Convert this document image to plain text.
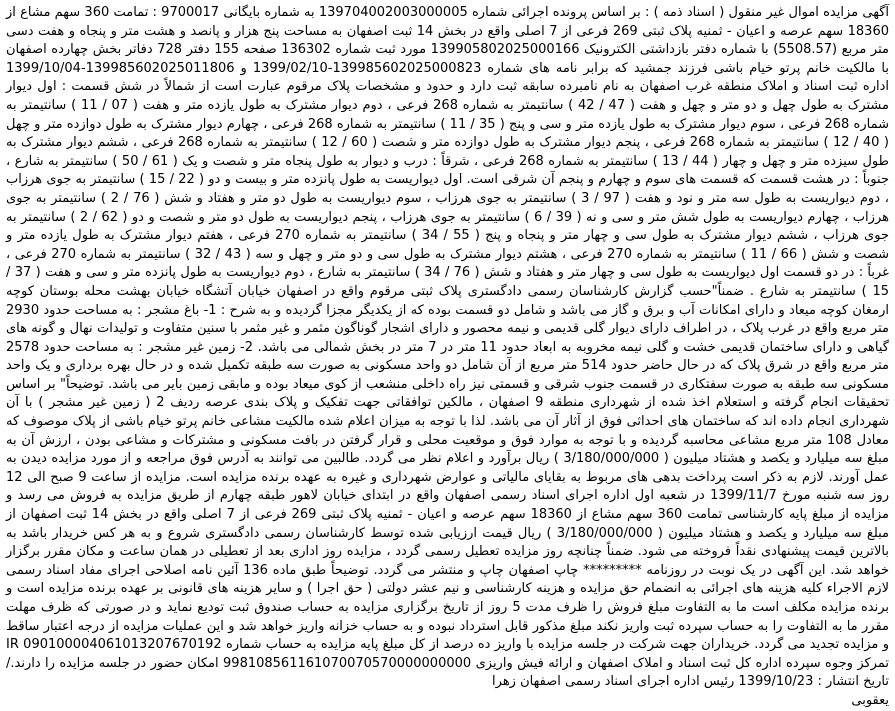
آگهی مزایده اموال غیر منقول ( اسناد ذمه ) : بر اساس پرونده اجرائی شماره 139704002003000005 به شماره بایگانی 9700017 : تمامت 360 سهم مشاع از 18360 سهم عرصه و اعیان - ثمنیه پلاک ثبتی 269 فرعی از 7 اصلی واقع در بخش 14 ثبت اصفهان به مساحت پنج هزار و پانصد و هشت متر و پنجاه و هفت دسی متر مربع (5508.57) با شماره دفتر بازداشتی الکترونیک 139905802025000166 مورد ثبت شماره 136302 صفحه 155 دفتر 728 دفاتر بخش چهارده اصفهان با مالکیت خانم پرتو خیام باشی فرزند جمشید که برابر نامه های شماره 139985602025000823-1399/02/10 و 139985602025011806-1399/10/04 اداره ثبت اسناد و املاک منطقه غرب اصفهان به نام نامبرده سابقه ثبت دارد و حدود و مشخصات پلاک مرقوم عبارت است از شمالاً در شش قسمت : اول دیوار مشترک به طول چهل و دو متر و چهل و هفت ( 47 / 42 ) سانتیمتر به شماره 268 فرعی ، دوم دیوار مشترک به طول یازده متر و هفت ( 07 / 11 ) سانتیمتر به شماره 268 فرعی ، سوم دیوار مشترک به طول یازده متر و سی و پنج ( 35 / 11 ) سانتیمتر به شماره 268 فرعی ، چهارم دیوار مشترک به طول دوازده متر و چهل ( 40 / 12 ) سانتیمتر به شماره 268 فرعی ، پنجم دیوار مشترک به طول دوازده متر و شصت ( 60 / 12 ) سانتیمتر به شماره 268 فرعی ، ششم دیوار مشترک به طول سیزده متر و چهل و چهار ( 44 / 13 ) سانتیمتر به شماره 268 فرعی ، شرقاً : درب و دیوار به طول پنجاه متر و شصت و یک ( 61 / 50 ) سانتیمتر به شارع ، جنوباً : در هشت قسمت که قسمت های سوم و چهارم و پنجم آن شرقی است. اول دیواریست به طول پانزده متر و بیست و دو ( 22 / 15 ) سانتیمتر به جوی هرزاب ، دوم دیواریست به طول سه متر و نود و هفت ( 97 / 3 ) سانتیمتر به جوی هرزاب ، سوم دیواریست به طول دو متر و هفتاد و شش ( 76 / 2 ) سانتیمتر به جوی هرزاب ، چهارم دیواریست به طول شش متر و سی و نه ( 39 / 6 ) سانتیمتر به جوی هرزاب ، پنجم دیواریست به طول دو متر و شصت و دو ( 62 / 2 ) سانتیمتر به جوی هرزاب ، ششم دیوار مشترک به طول سی و چهار متر و پنجاه و پنج ( 55 / 34 ) سانتیمتر به شماره 270 فرعی ، هفتم دیوار مشترک به طول یازده متر و شصت و شش ( 66 / 11 ) سانتیمتر به شماره 270 فرعی ، هشتم دیوار مشترک به طول سی و دو متر و چهل و سه ( 43 / 32 ) سانتیمتر به شماره 270 فرعی ، غرباً : در دو قسمت اول دیواریست به طول سی و چهار متر و هفتاد و شش ( 76 / 34 ) سانتیمتر به شارع ، دوم دیواریست به طول پانزده متر و سی و هفت ( 37 / 15 ) سانتیمتر به شارع . ضمناً"حسب گزارش کارشناسان رسمی دادگستری پلاک ثبتی مرقوم واقع در اصفهان خیابان آتشگاه خیابان بهشت محله بوستان کوچه ارمغان کوچه میعاد و دارای امکانات آب و برق و گاز می باشد و شامل دو قسمت بوده که از یکدیگر مجزا گردیده و به شرح : 1- باغ مشجر : به مساحت حدود 2930 متر مربع واقع در غرب پلاک ، در اطراف دارای دیوار گلی قدیمی و نیمه محصور و دارای اشجار گوناگون مثمر و غیر مثمر با سنین متفاوت و تولیدات نهال و گونه های گیاهی و دارای ساختمان قدیمی خشت و گلی نیمه مخروبه به ابعاد حدود 11 متر در 7 متر در بخش شمالی می باشد. 2- زمین غیر مشجر : به مساحت حدود 2578 متر مربع واقع در شرق پلاک که در حال حاضر حدود 514 متر مربع از آن شامل دو واحد مسکونی به صورت سه طبقه تکمیل شده و در حال بهره برداری و یک واحد مسکونی سه طبقه به صورت سفتکاری در قسمت جنوب شرقی و قسمتی نیز راه داخلی منشعب از کوی میعاد بوده و مابقی زمین بایر می باشد. توضیحاً" بر اساس تحقیقات انجام گرفته و استعلام اخذ شده از شهرداری منطقه 9 اصفهان ، مالکین توافقاتی جهت تفکیک و پلاک بندی عرصه ردیف 2 ( زمین غیر مشجر ) با آن شهرداری انجام داده اند که ساختمان های احداثی فوق از آثار آن می باشد. لذا با توجه به میزان اعلام شده مالکیت مشاعی خانم پرتو خیام باشی از پلاک موصوف که معادل 108 متر مربع مشاعی محاسبه گردیده و با توجه به موارد فوق و موقعیت محلی و قرار گرفتن در بافت مسکونی و مشترکات و مشاعی بودن ، ارزش آن به مبلغ سه میلیارد و یکصد و هشتاد میلیون ( 3/180/000/000 ) ریال برآورد و اعلام نظر می گردد. طالبین می توانند به آدرس فوق مراجعه و از مورد مزایده دیدن به عمل آورند. لازم به ذکر است پرداخت بدهی های مربوط به بقایای مالیاتی و عوارض شهرداری و غیره به عهده برنده مزایده است. مزایده از ساعت 9 صبح الی 12 روز سه شنبه مورخ 1399/11/7 در شعبه اول اداره اجرای اسناد رسمی اصفهان واقع در ابتدای خیابان لاهور طبقه چهارم از طریق مزایده به فروش می رسد و مزایده از مبلغ پایه کارشناسی تمامت 360 سهم مشاع از 18360 سهم عرصه و اعیان - ثمنیه پلاک ثبتی 269 فرعی از 7 اصلی واقع در بخش 14 ثبت اصفهان از مبلغ سه میلیارد و یکصد و هشتاد میلیون ( 3/180/000/000 ) ریال قیمت ارزیابی شده توسط کارشناسان رسمی دادگستری شروع و به هر کس خریدار باشد به بالاترین قیمت پیشنهادی نقداً فروخته می شود. ضمناً چنانچه روز مزایده تعطیل رسمی گردد ، مزایده روز اداری بعد از تعطیلی در همان ساعت و مکان مقرر برگزار خواهد شد. این آگهی در یک نوبت در روزنامه ********* چاپ اصفهان چاپ و منتشر می گردد. توضیحاً طبق ماده 136 آئین نامه اصلاحی اجرای مفاد اسناد رسمی لازم الاجراء کلیه هزینه های اجرائی به انضمام حق مزایده و هزینه کارشناسی و نیم عشر دولتی ( حق اجرا ) و سایر هزینه های قانونی بر عهده برنده مزایده است و برنده مزایده مکلف است ما به التفاوت مبلغ فروش را ظرف مدت 5 روز از تاریخ برگزاری مزایده به حساب صندوق ثبت تودیع نماید و در صورتی که ظرف مهلت مقرر ما به التفاوت را به حساب سپرده ثبت واریز نکند مبلغ مذکور قابل استرداد نبوده و به حساب خزانه واریز خواهد شد و این عملیات مزایده از درجه اعتبار ساقط و مزایده تجدید می گردد. خریداران جهت شرکت در جلسه مزایده با واریز ده درصد از کل مبلغ پایه مزایده به حساب شماره IR 090100004061013207670192 تمرکز وجوه سپرده اداره کل ثبت اسناد و املاک اصفهان و ارائه فیش واریزی 998108561161070070570000000000 امکان حضور در جلسه مزایده را دارند./ تاریخ انتشار : 1399/10/23 رئیس اداره اجرای اسناد رسمی اصفهان زهرا

یعقوبی
